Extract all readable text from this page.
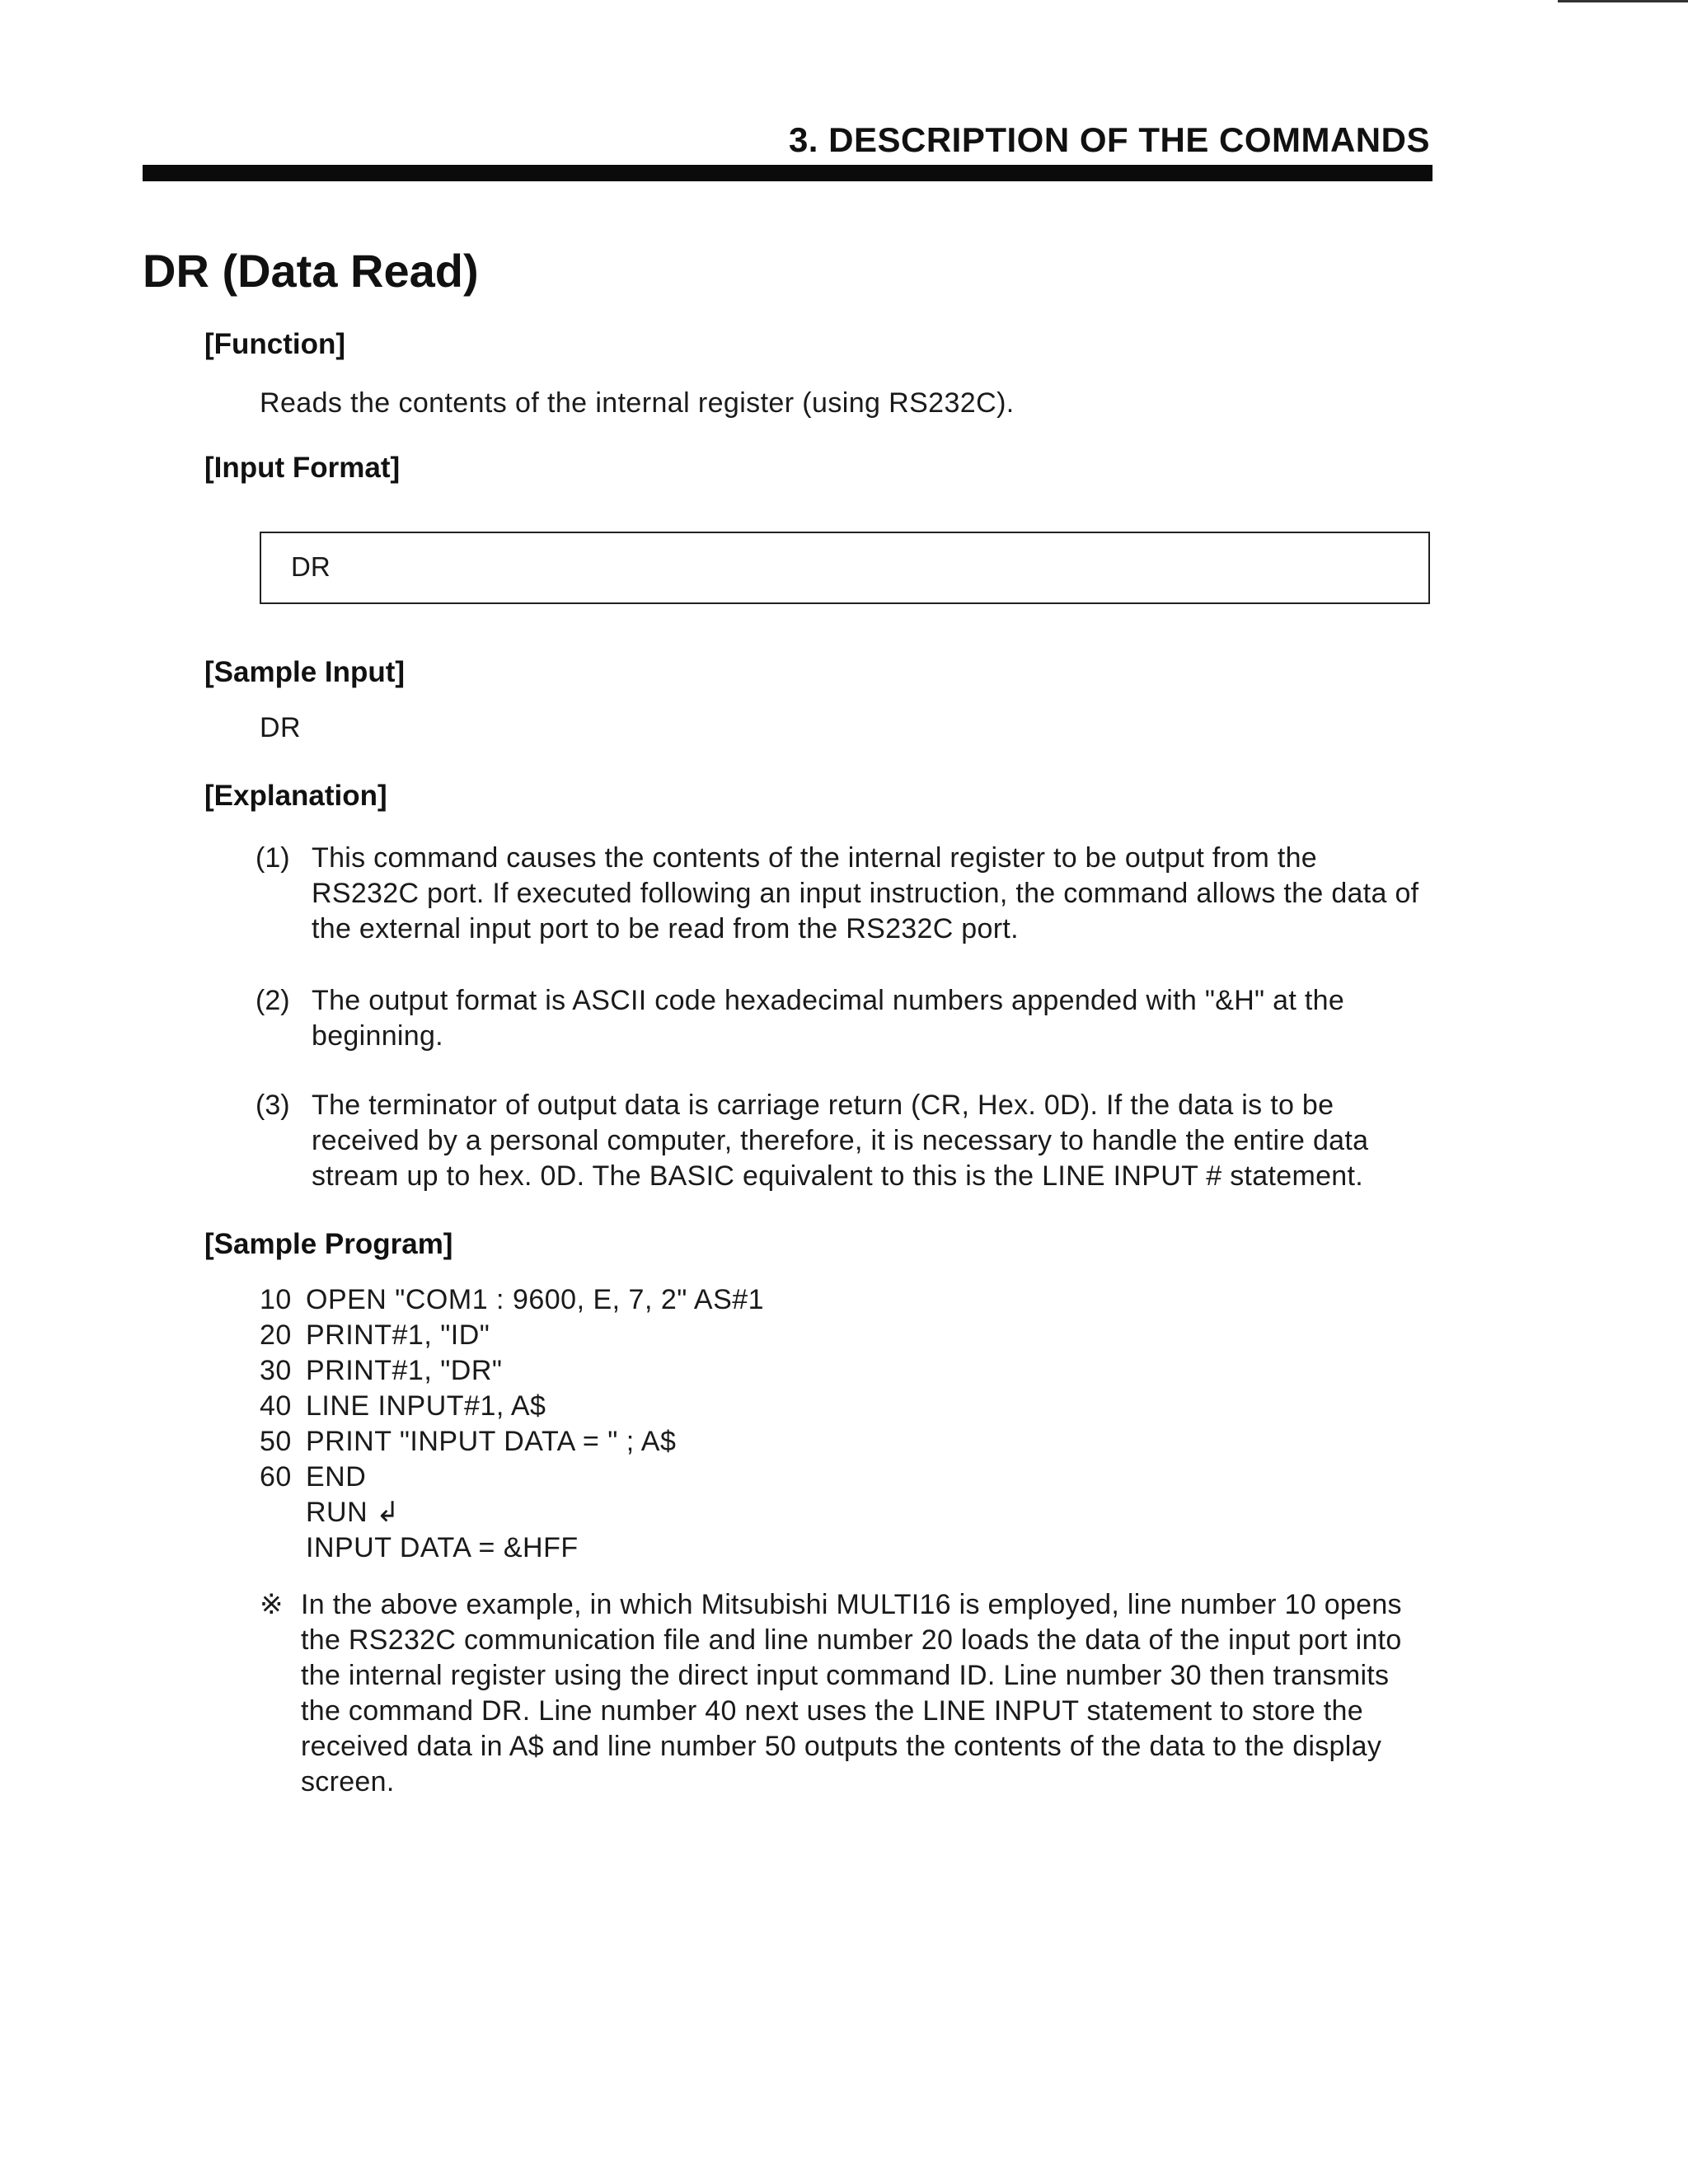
3. DESCRIPTION OF THE COMMANDS
DR (Data Read)
[Function]
Reads the contents of the internal register (using RS232C).
[Input Format]
DR
[Sample Input]
DR
[Explanation]
(1) This command causes the contents of the internal register to be output from the RS232C port. If executed following an input instruction, the command allows the data of the external input port to be read from the RS232C port.
(2) The output format is ASCII code hexadecimal numbers appended with "&H" at the beginning.
(3) The terminator of output data is carriage return (CR, Hex. 0D). If the data is to be received by a personal computer, therefore, it is necessary to handle the entire data stream up to hex. 0D. The BASIC equivalent to this is the LINE INPUT # statement.
[Sample Program]
10 OPEN "COM1 : 9600, E, 7, 2" AS#1
20 PRINT#1, "ID"
30 PRINT#1, "DR"
40 LINE INPUT#1, A$
50 PRINT "INPUT DATA = " ; A$
60 END
RUN ↲
INPUT DATA = &HFF
※ In the above example, in which Mitsubishi MULTI16 is employed, line number 10 opens the RS232C communication file and line number 20 loads the data of the input port into the internal register using the direct input command ID. Line number 30 then transmits the command DR. Line number 40 next uses the LINE INPUT statement to store the received data in A$ and line number 50 outputs the contents of the data to the display screen.
